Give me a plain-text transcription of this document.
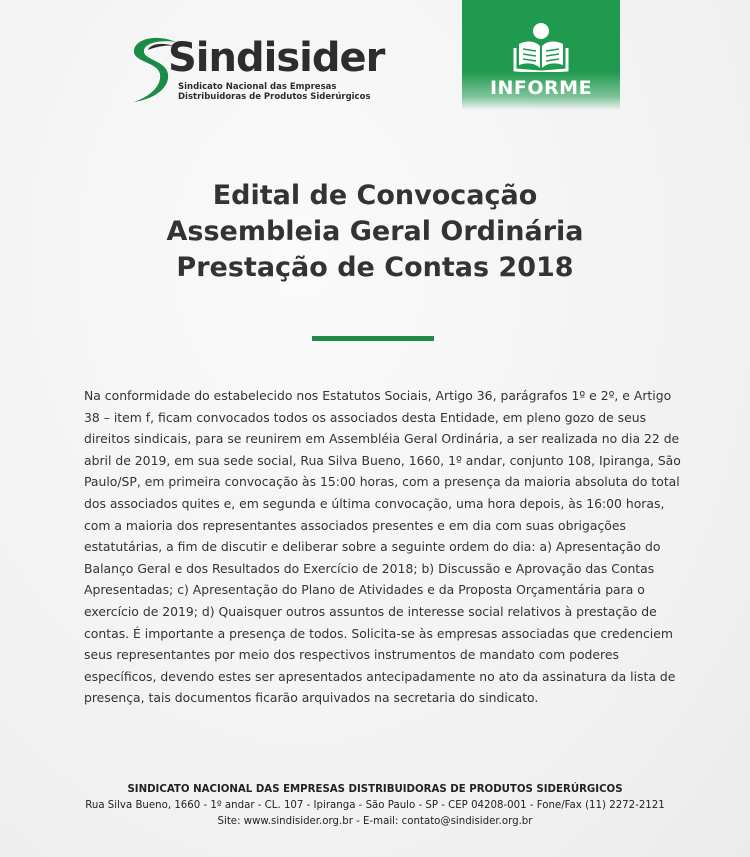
Sindisider
Sindicato Nacional das Empresas
Distribuidoras de Produtos Siderúrgicos	INFORME
Edital de Convocação
Assembleia Geral Ordinária
Prestação de Contas 2018
Na conformidade do estabelecido nos Estatutos Sociais, Artigo 36, parágrafos 1º e 2º, e Artigo 38 – item f, ficam convocados todos os associados desta Entidade, em pleno gozo de seus direitos sindicais, para se reunirem em Assembléia Geral Ordinária, a ser realizada no dia 22 de abril de 2019, em sua sede social, Rua Silva Bueno, 1660, 1º andar, conjunto 108, Ipiranga, São Paulo/SP, em primeira convocação às 15:00 horas, com a presença da maioria absoluta do total dos associados quites e, em segunda e última convocação, uma hora depois, às 16:00 horas, com a maioria dos representantes associados presentes e em dia com suas obrigações estatutárias, a fim de discutir e deliberar sobre a seguinte ordem do dia: a) Apresentação do Balanço Geral e dos Resultados do Exercício de 2018; b) Discussão e Aprovação das Contas Apresentadas; c) Apresentação do Plano de Atividades e da Proposta Orçamentária para o exercício de 2019; d) Quaisquer outros assuntos de interesse social relativos à prestação de contas. É importante a presença de todos. Solicita-se às empresas associadas que credenciem seus representantes por meio dos respectivos instrumentos de mandato com poderes específicos, devendo estes ser apresentados antecipadamente no ato da assinatura da lista de presença, tais documentos ficarão arquivados na secretaria do sindicato.
SINDICATO NACIONAL DAS EMPRESAS DISTRIBUIDORAS DE PRODUTOS SIDERÚRGICOS
Rua Silva Bueno, 1660 - 1º andar - CL. 107 - Ipiranga - São Paulo - SP - CEP 04208-001 - Fone/Fax (11) 2272-2121
Site: www.sindisider.org.br - E-mail: contato@sindisider.org.br
